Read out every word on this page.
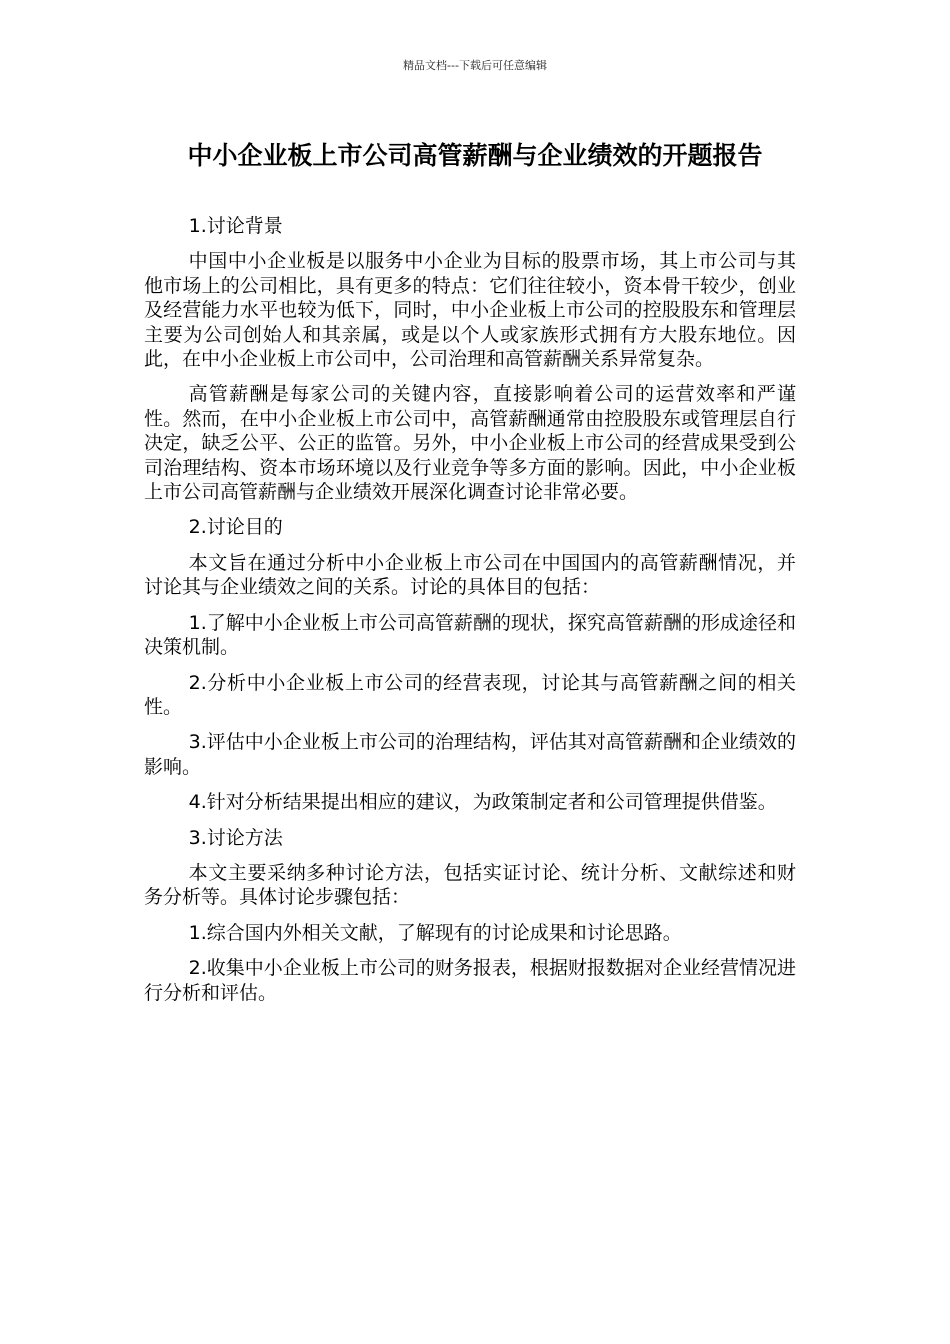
精品文档---下载后可任意编辑
中小企业板上市公司高管薪酬与企业绩效的开题报告

1.讨论背景

中国中小企业板是以服务中小企业为目标的股票市场，其上市公司与其他市场上的公司相比，具有更多的特点：它们往往较小，资本骨干较少，创业及经营能力水平也较为低下，同时，中小企业板上市公司的控股股东和管理层主要为公司创始人和其亲属，或是以个人或家族形式拥有方大股东地位。因此，在中小企业板上市公司中，公司治理和高管薪酬关系异常复杂。

高管薪酬是每家公司的关键内容，直接影响着公司的运营效率和严谨性。然而，在中小企业板上市公司中，高管薪酬通常由控股股东或管理层自行决定，缺乏公平、公正的监管。另外，中小企业板上市公司的经营成果受到公司治理结构、资本市场环境以及行业竞争等多方面的影响。因此，中小企业板上市公司高管薪酬与企业绩效开展深化调查讨论非常必要。

2.讨论目的

本文旨在通过分析中小企业板上市公司在中国国内的高管薪酬情况，并讨论其与企业绩效之间的关系。讨论的具体目的包括：

1.了解中小企业板上市公司高管薪酬的现状，探究高管薪酬的形成途径和决策机制。

2.分析中小企业板上市公司的经营表现，讨论其与高管薪酬之间的相关性。

3.评估中小企业板上市公司的治理结构，评估其对高管薪酬和企业绩效的影响。

4.针对分析结果提出相应的建议，为政策制定者和公司管理提供借鉴。

3.讨论方法

本文主要采纳多种讨论方法，包括实证讨论、统计分析、文献综述和财务分析等。具体讨论步骤包括：

1.综合国内外相关文献，了解现有的讨论成果和讨论思路。

2.收集中小企业板上市公司的财务报表，根据财报数据对企业经营情况进行分析和评估。
